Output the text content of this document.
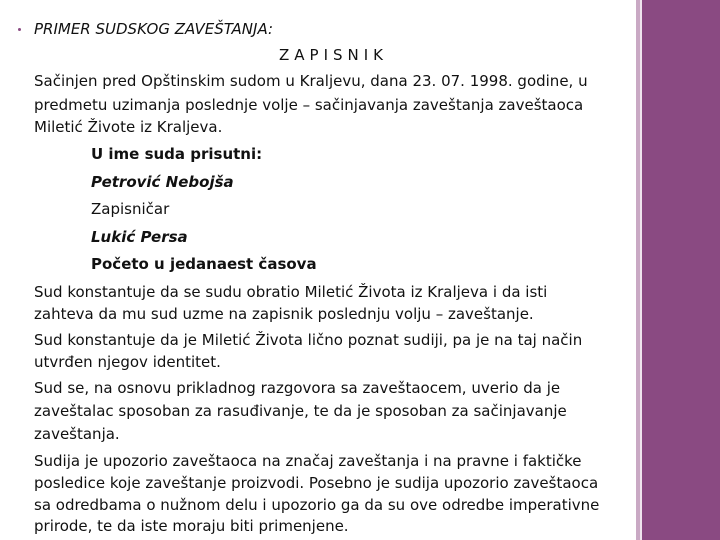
PRIMER SUDSKOG ZAVEŠTANJA:
ZAPISNIK
Sačinjen pred Opštinskim sudom u Kraljevu, dana 23. 07. 1998. godine, u
predmetu uzimanja poslednje volje – sačinjavanja zaveštanja zaveštaoca
Miletić Živote iz Kraljeva.
U ime suda prisutni:
Petrović Nebojša
Zapisničar
Lukić Persa
Početo u jedanaest časova
Sud konstantuje da se sudu obratio Miletić Života iz Kraljeva i da isti
zahteva da mu sud uzme na zapisnik poslednju volju – zaveštanje.
Sud konstantuje da je Miletić Života lično poznat sudiji, pa je na taj način
utvrđen njegov identitet.
Sud se, na osnovu prikladnog razgovora sa zaveštaocem, uverio da je
zaveštalac sposoban za rasuđivanje, te da je sposoban za sačinjavanje
zaveštanja.
Sudija je upozorio zaveštaoca na značaj zaveštanja i na pravne i faktičke
posledice koje zaveštanje proizvodi. Posebno je sudija upozorio zaveštaoca
sa odredbama o nužnom delu i upozorio ga da su ove odredbe imperativne
prirode, te da iste moraju biti primenjene.
